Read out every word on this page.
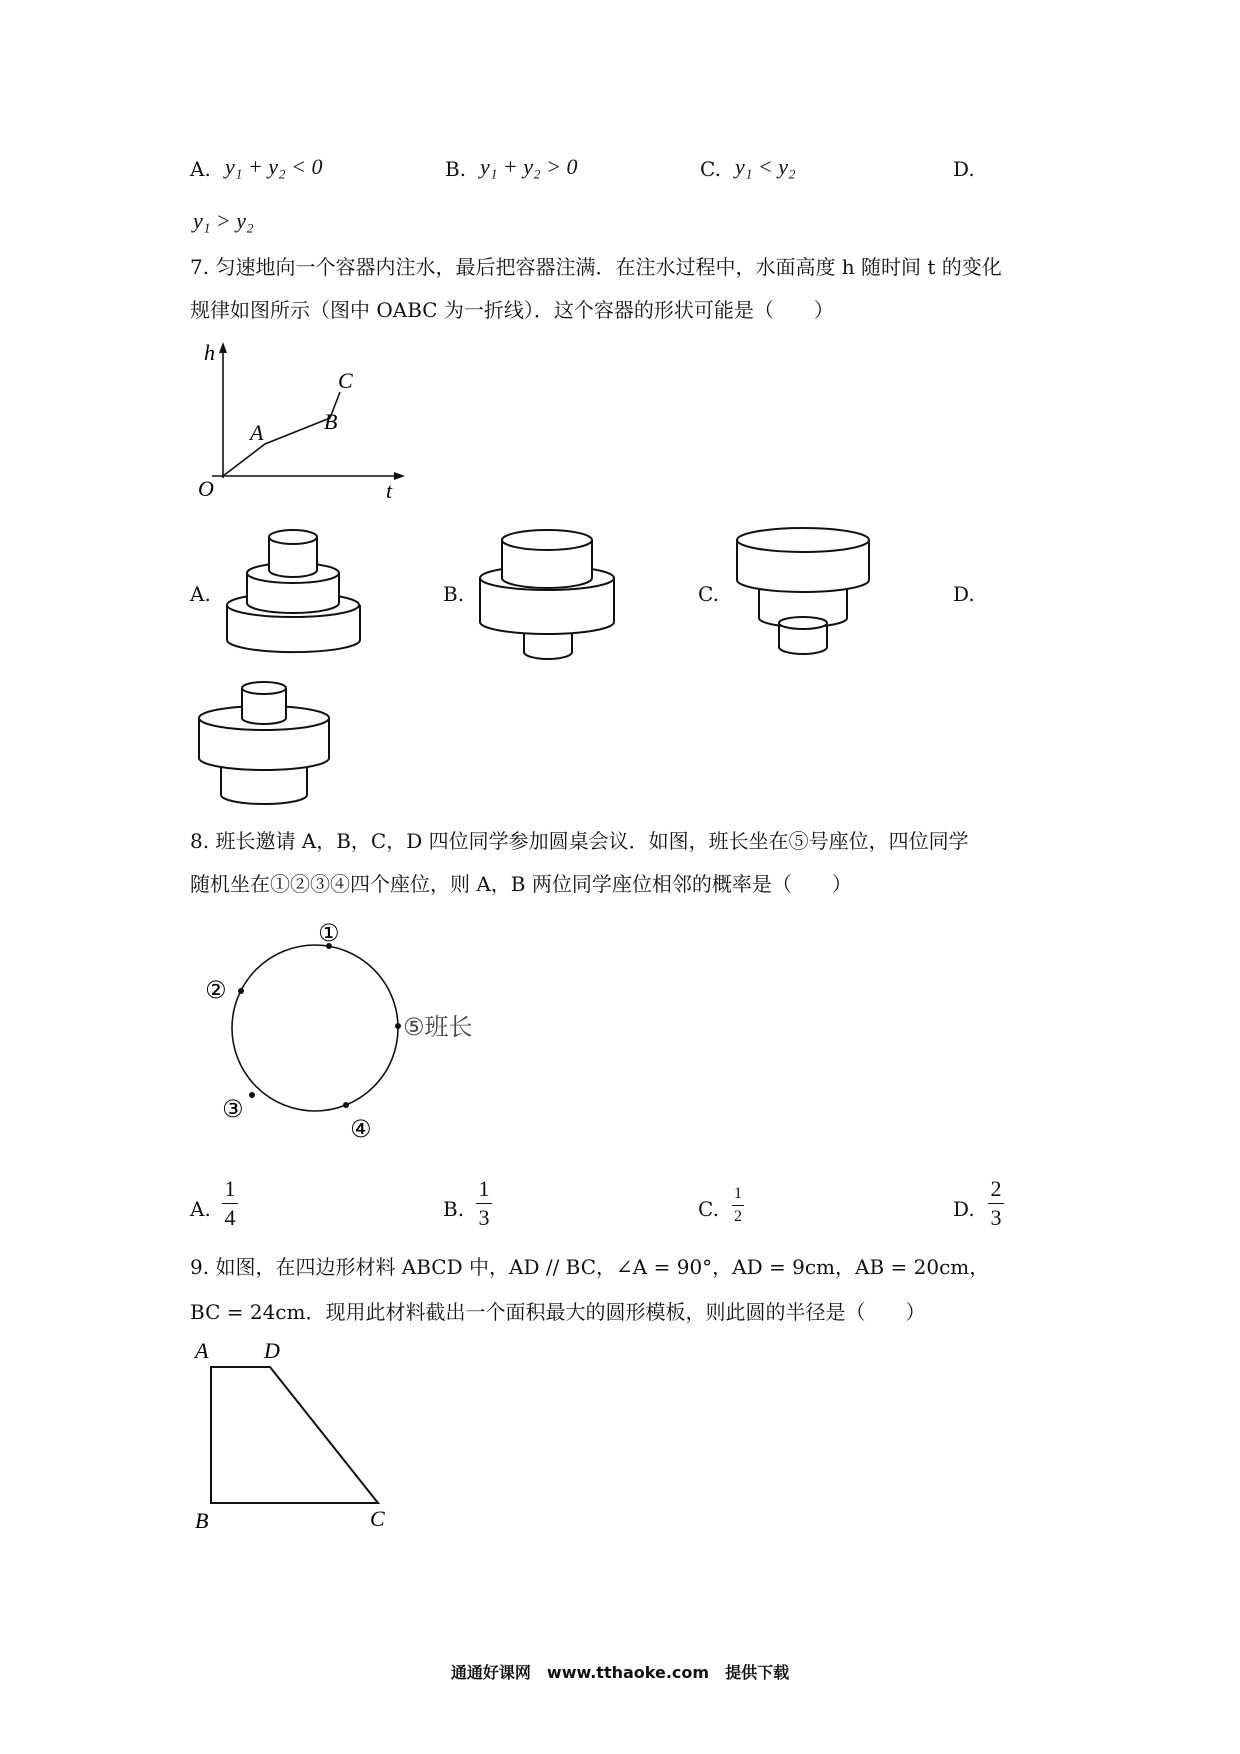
A. y₁ + y₂ < 0	B. y₁ + y₂ > 0	C. y₁ < y₂	D.
y₁ > y₂
7. 匀速地向一个容器内注水，最后把容器注满．在注水过程中，水面高度 h 随时间 t 的变化
规律如图所示（图中 OABC 为一折线）．这个容器的形状可能是（　　）
h
t
O
A	B
C
A.	B.	C.	D.
8. 班长邀请 A，B，C，D 四位同学参加圆桌会议．如图，班长坐在⑤号座位，四位同学
随机坐在①②③④四个座位，则 A，B 两位同学座位相邻的概率是（　　）
①
②
③
④
⑤班长
A. $\frac{1}{4}$	B. $\frac{1}{3}$	C. $\frac{1}{2}$	D. $\frac{2}{3}$
9. 如图，在四边形材料 ABCD 中，AD // BC，∠A = 90°，AD = 9cm，AB = 20cm，
BC = 24cm．现用此材料截出一个面积最大的圆形模板，则此圆的半径是（　　）
A	D
B	C
通通好课网　www.tthaoke.com　提供下载
